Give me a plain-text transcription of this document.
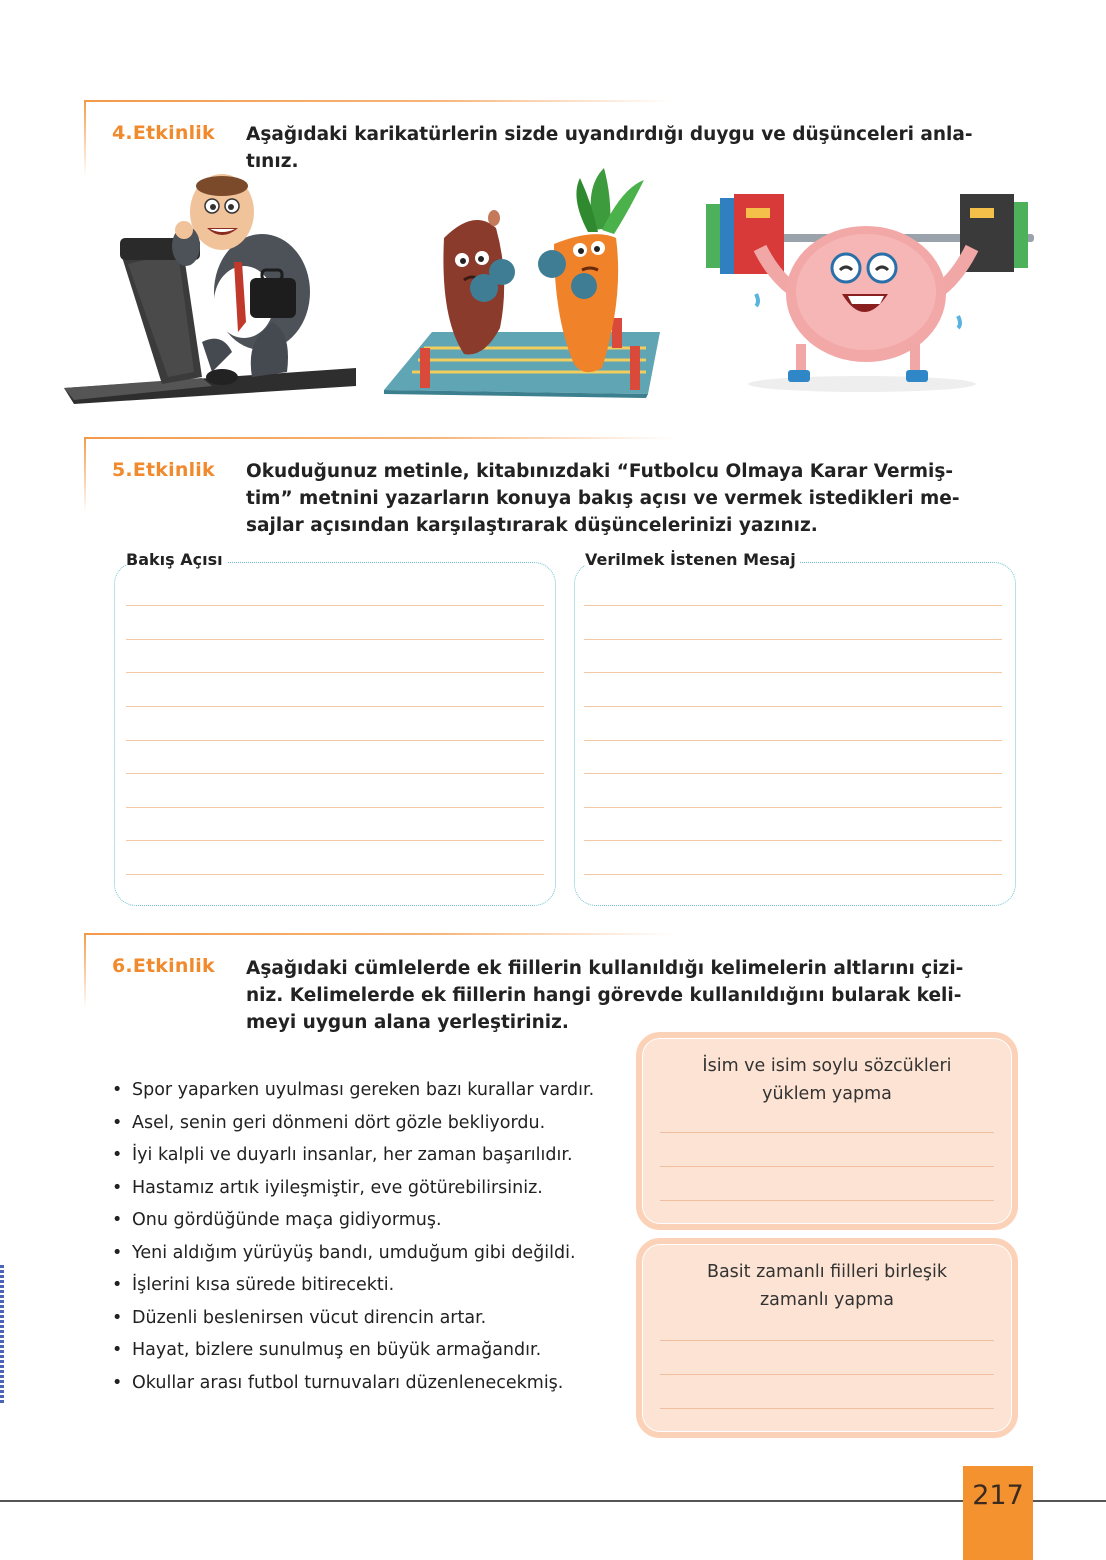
4.Etkinlik Aşağıdaki karikatürlerin sizde uyandırdığı duygu ve düşünceleri anla-
tınız.
5.Etkinlik Okuduğunuz metinle, kitabınızdaki “Futbolcu Olmaya Karar Vermiş-
tim” metnini yazarların konuya bakış açısı ve vermek istedikleri me-
sajlar açısından karşılaştırarak düşüncelerinizi yazınız.
Bakış Açısı	Verilmek İstenen Mesaj
6.Etkinlik Aşağıdaki cümlelerde ek fiillerin kullanıldığı kelimelerin altlarını çizi-
niz. Kelimelerde ek fiillerin hangi görevde kullanıldığını bularak keli-
meyi uygun alana yerleştiriniz.
• Spor yaparken uyulması gereken bazı kurallar vardır.
• Asel, senin geri dönmeni dört gözle bekliyordu.
• İyi kalpli ve duyarlı insanlar, her zaman başarılıdır.
• Hastamız artık iyileşmiştir, eve götürebilirsiniz.
• Onu gördüğünde maça gidiyormuş.
• Yeni aldığım yürüyüş bandı, umduğum gibi değildi.
• İşlerini kısa sürede bitirecekti.
• Düzenli beslenirsen vücut direncin artar.
• Hayat, bizlere sunulmuş en büyük armağandır.
• Okullar arası futbol turnuvaları düzenlenecekmiş.
İsim ve isim soylu sözcükleri
yüklem yapma
Basit zamanlı fiilleri birleşik
zamanlı yapma
217
